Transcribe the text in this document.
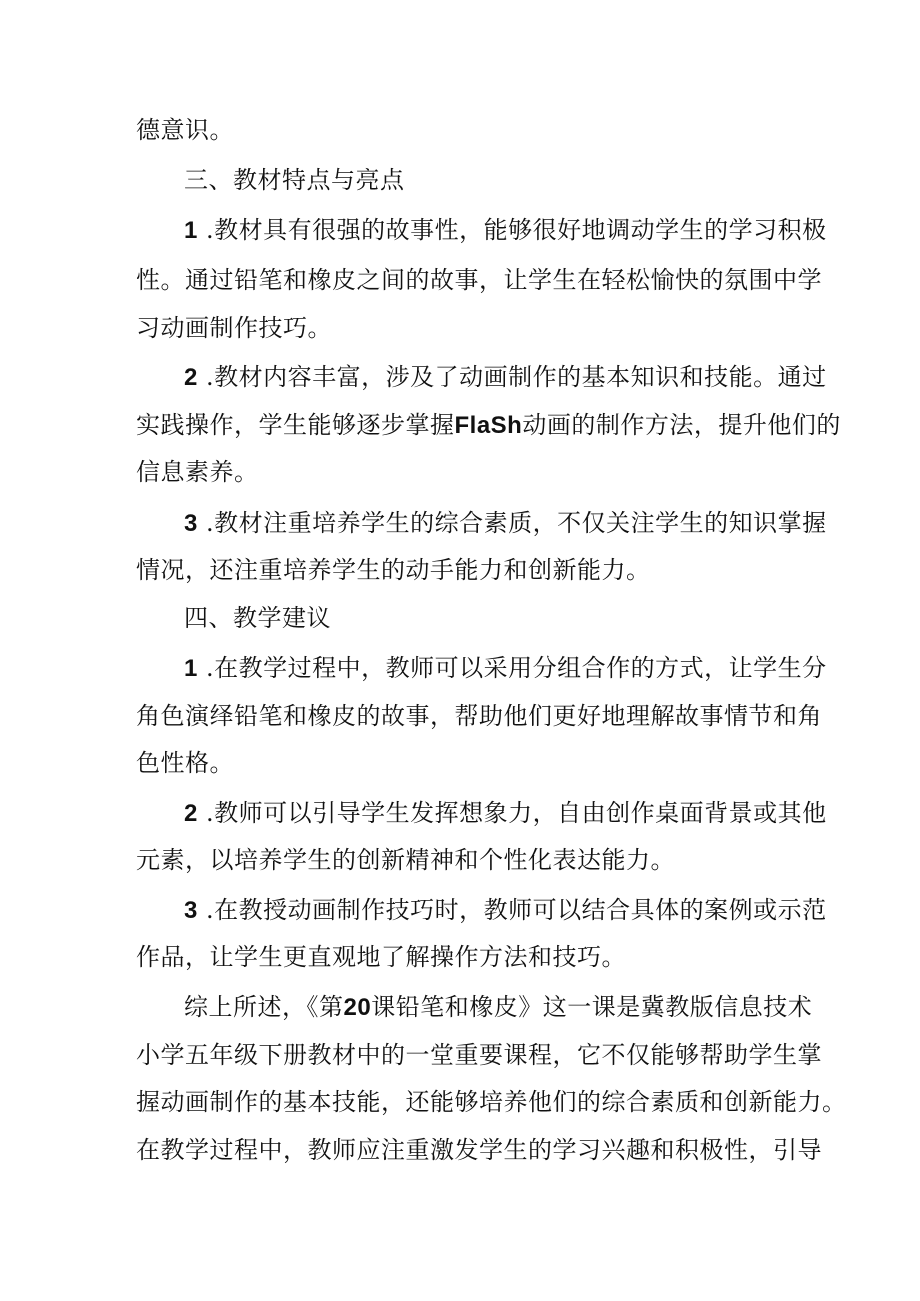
德意识。
三、教材特点与亮点
1 .教材具有很强的故事性，能够很好地调动学生的学习积极
性。通过铅笔和橡皮之间的故事，让学生在轻松愉快的氛围中学
习动画制作技巧。
2 .教材内容丰富，涉及了动画制作的基本知识和技能。通过
实践操作，学生能够逐步掌握FlaSh动画的制作方法，提升他们的
信息素养。
3 .教材注重培养学生的综合素质，不仅关注学生的知识掌握
情况，还注重培养学生的动手能力和创新能力。
四、教学建议
1 .在教学过程中，教师可以采用分组合作的方式，让学生分
角色演绎铅笔和橡皮的故事，帮助他们更好地理解故事情节和角
色性格。
2 .教师可以引导学生发挥想象力，自由创作桌面背景或其他
元素，以培养学生的创新精神和个性化表达能力。
3 .在教授动画制作技巧时，教师可以结合具体的案例或示范
作品，让学生更直观地了解操作方法和技巧。
综上所述，《第20课铅笔和橡皮》这一课是冀教版信息技术
小学五年级下册教材中的一堂重要课程，它不仅能够帮助学生掌
握动画制作的基本技能，还能够培养他们的综合素质和创新能力。
在教学过程中，教师应注重激发学生的学习兴趣和积极性，引导
